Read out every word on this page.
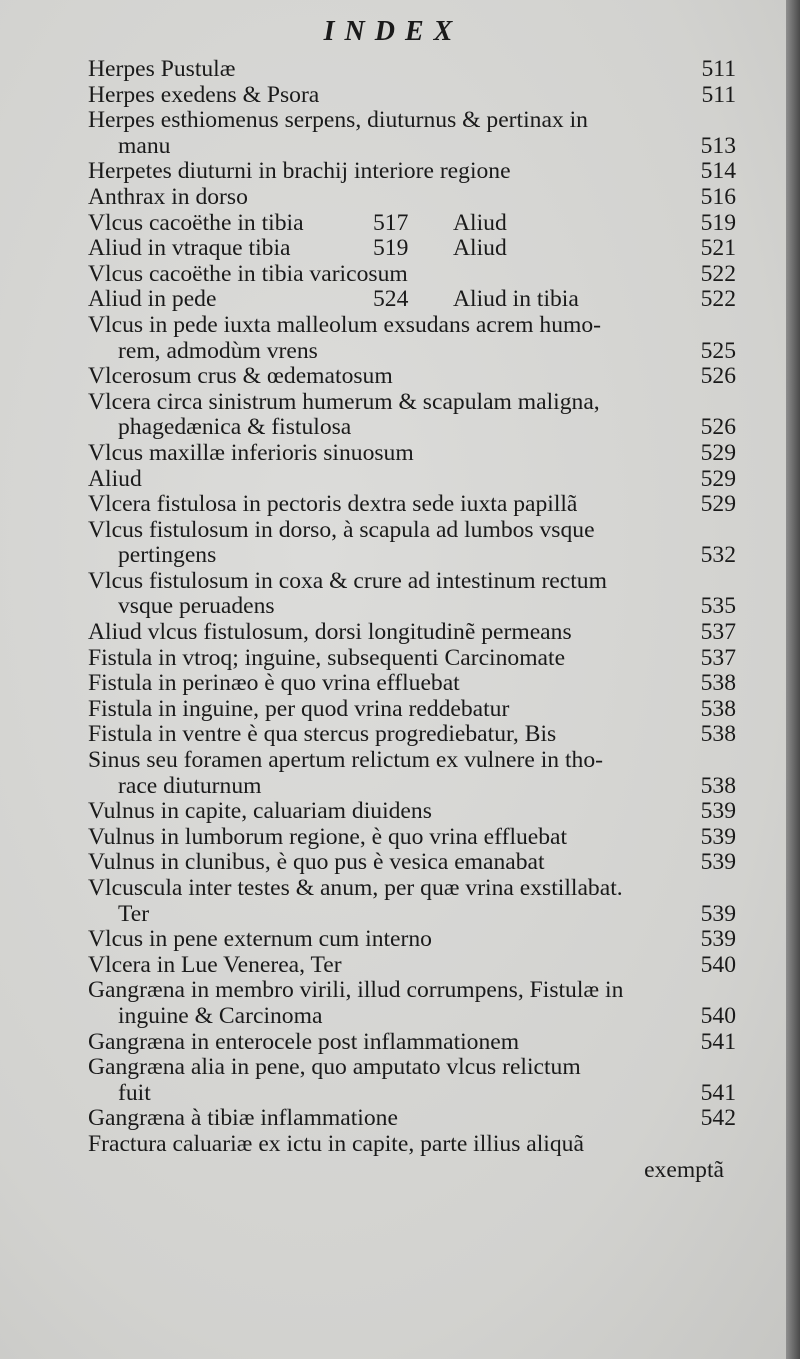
INDEX
Herpes Pustulæ	511
Herpes exedens & Psora	511
Herpes esthiomenus serpens, diuturnus & pertinax in
manu	513
Herpetes diuturni in brachij interiore regione	514
Anthrax in dorso	516
Vlcus cacoëthe in tibia	517	Aliud	519
Aliud in vtraque tibia	519	Aliud	521
Vlcus cacoëthe in tibia varicosum	522
Aliud in pede	524	Aliud in tibia	522
Vlcus in pede iuxta malleolum exsudans acrem humo-
rem, admodùm vrens	525
Vlcerosum crus & œdematosum	526
Vlcera circa sinistrum humerum & scapulam maligna,
phagedænica & fistulosa	526
Vlcus maxillæ inferioris sinuosum	529
Aliud	529
Vlcera fistulosa in pectoris dextra sede iuxta papillã	529
Vlcus fistulosum in dorso, à scapula ad lumbos vsque
pertingens	532
Vlcus fistulosum in coxa & crure ad intestinum rectum
vsque peruadens	535
Aliud vlcus fistulosum, dorsi longitudinẽ permeans	537
Fistula in vtroq; inguine, subsequenti Carcinomate	537
Fistula in perinæo è quo vrina effluebat	538
Fistula in inguine, per quod vrina reddebatur	538
Fistula in ventre è qua stercus progrediebatur, Bis	538
Sinus seu foramen apertum relictum ex vulnere in tho-
race diuturnum	538
Vulnus in capite, caluariam diuidens	539
Vulnus in lumborum regione, è quo vrina effluebat	539
Vulnus in clunibus, è quo pus è vesica emanabat	539
Vlcuscula inter testes & anum, per quæ vrina exstillabat.
Ter	539
Vlcus in pene externum cum interno	539
Vlcera in Lue Venerea, Ter	540
Gangræna in membro virili, illud corrumpens, Fistulæ in
inguine & Carcinoma	540
Gangræna in enterocele post inflammationem	541
Gangræna alia in pene, quo amputato vlcus relictum
fuit	541
Gangræna à tibiæ inflammatione	542
Fractura caluariæ ex ictu in capite, parte illius aliquã
exemptã
